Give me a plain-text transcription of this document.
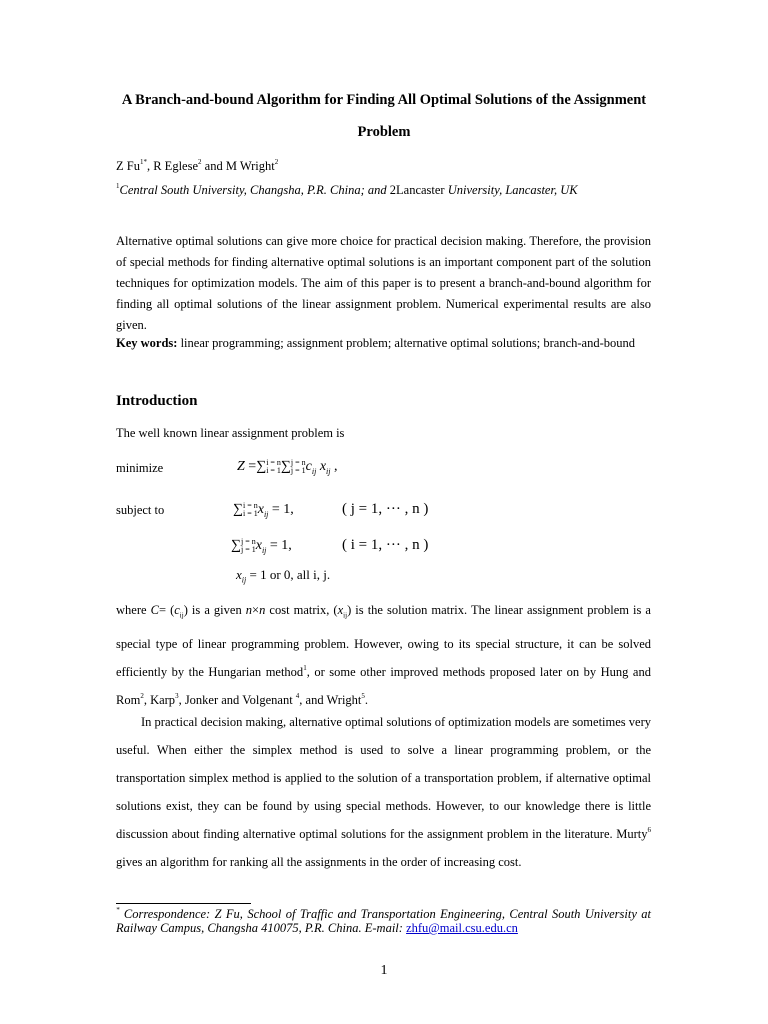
A Branch-and-bound Algorithm for Finding All Optimal Solutions of the Assignment Problem
Z $Fu^{1*}$, R Eglese$^2$ and M Wright$^2$
$^1$Central South University, Changsha, P.R. China; and 2Lancaster University, Lancaster, UK
Alternative optimal solutions can give more choice for practical decision making. Therefore, the provision of special methods for finding alternative optimal solutions is an important component part of the solution techniques for optimization models. The aim of this paper is to present a branch-and-bound algorithm for finding all optimal solutions of the linear assignment problem. Numerical experimental results are also given.
Key words: linear programming; assignment problem; alternative optimal solutions; branch-and-bound
Introduction
The well known linear assignment problem is
minimize
subject to
Z =∑i = n
i = 1∑j = n
$j = 1c_{ij}$ $x_{ij}$ ,
∑i = n
$i = 1x_{ij} = 1$,	( j = 1, ··· , n )
∑j = n
$j = 1x_{ij} = 1$,	( i = 1, ··· , n )
$x_{ij} = 1$ or 0, all i, j.
where $C= (c_{ij})$ is a given n×n cost matrix, $(x_{ij})$ is the solution matrix. The linear assignment problem is a special type of linear programming problem. However, owing to its special structure, it can be solved efficiently by the Hungarian method$^1$, or some other improved methods proposed later on by Hung and Rom$^2$, Karp$^3$, Jonker and Volgenant $^4$, and Wright$^5$.
In practical decision making, alternative optimal solutions of optimization models are sometimes very useful. When either the simplex method is used to solve a linear programming problem, or the transportation simplex method is applied to the solution of a transportation problem, if alternative optimal solutions exist, they can be found by using special methods. However, to our knowledge there is little discussion about finding alternative optimal solutions for the assignment problem in the literature. Murty$^6$ gives an algorithm for ranking all the assignments in the order of increasing cost.
* Correspondence: Z Fu, School of Traffic and Transportation Engineering, Central South University at Railway Campus, Changsha 410075, P.R. China. E-mail: zhfu@mail.csu.edu.cn
1
